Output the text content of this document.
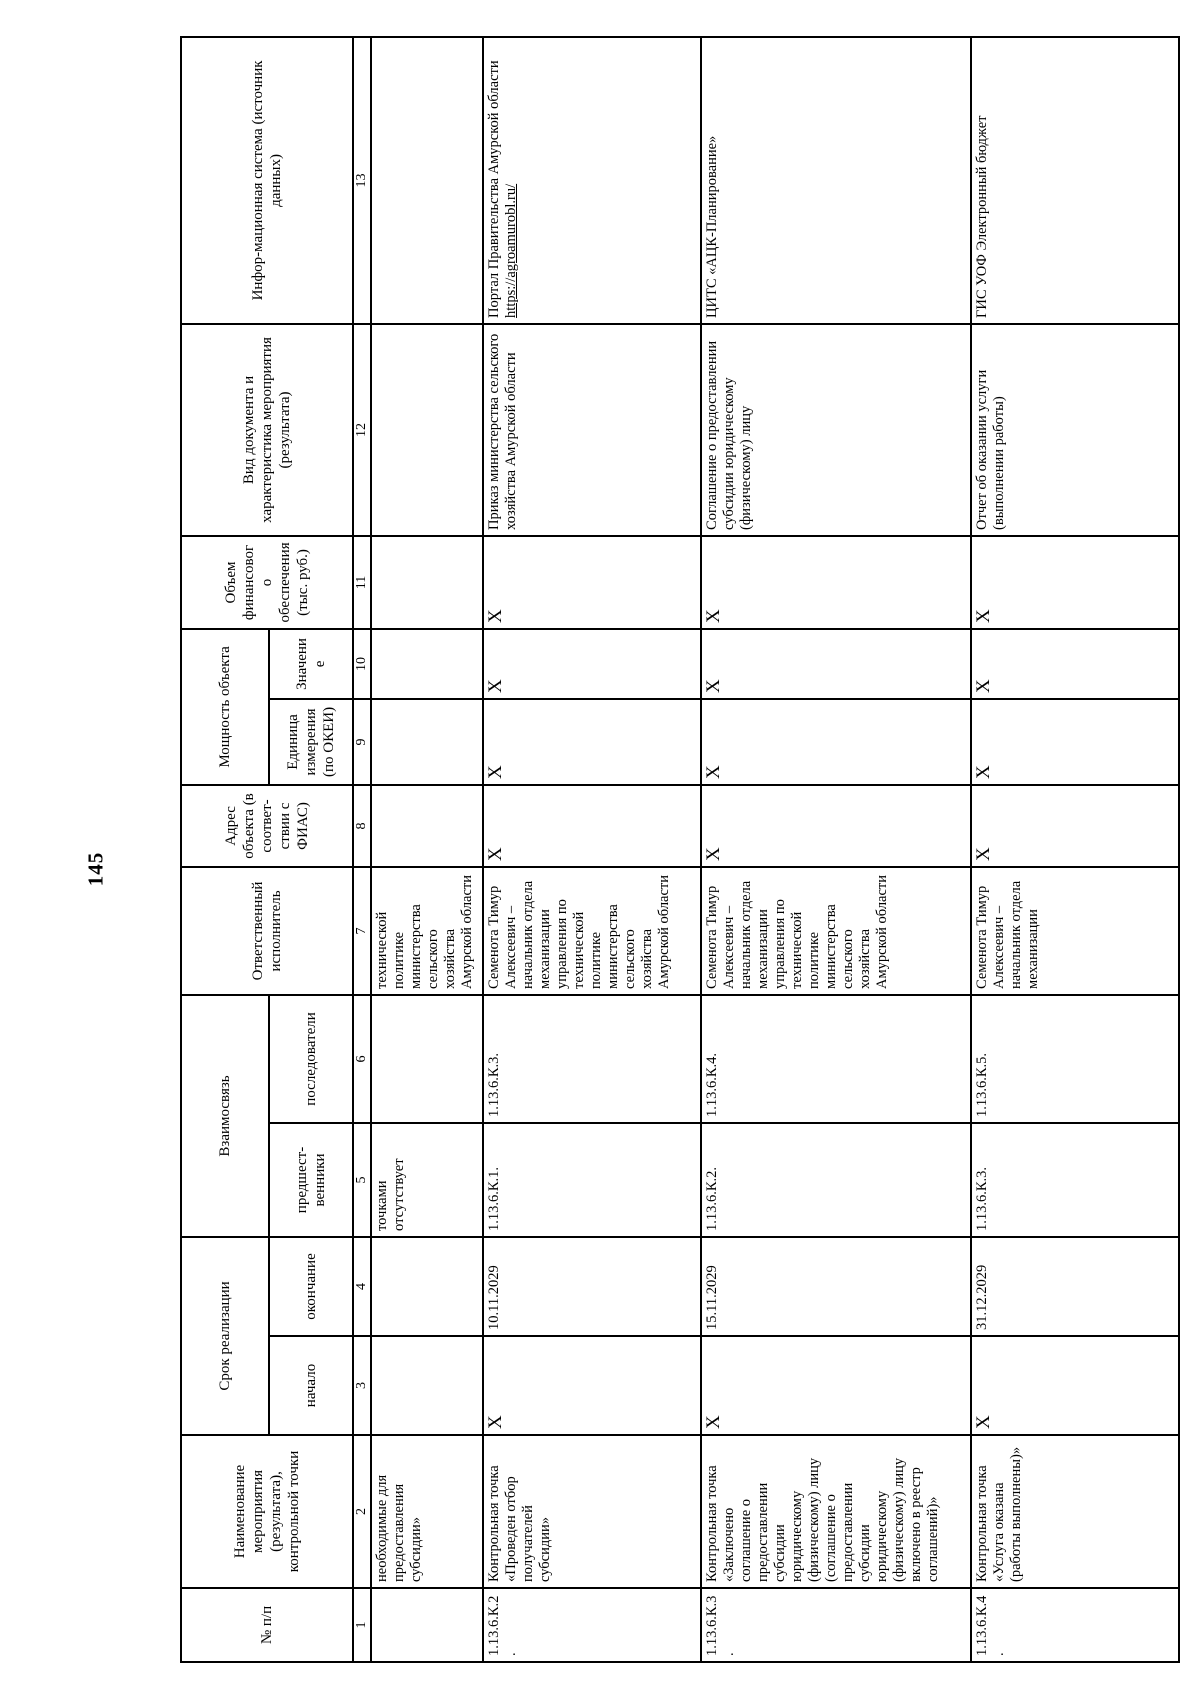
145
№ п/п	Наименование мероприятия (результата), контрольной точки	Срок реализации		Взаимосвязь		Ответственный исполнитель	Адрес объекта (в соответ-ствии с ФИАС)	Мощность объекта		Объем финансового обеспечения (тыс. руб.)	Вид документа и характеристика мероприятия (результата)	Инфор-мационная система (источник данных)
		начало	окончание	предшест-венники	последователи			Единица измерения (по ОКЕИ)	Значение			
1	2	3	4	5	6	7	8	9	10	11	12	13
	необходимые для предоставления субсидии»			точками отсутствует		технической политике министерства сельского хозяйства Амурской области						
1.13.6.К.2.	Контрольная точка «Проведен отбор получателей субсидии»	X	10.11.2029	1.13.6.К.1.	1.13.6.К.3.	Семенота Тимур Алексеевич – начальник отдела механизации управления по технической политике министерства сельского хозяйства Амурской области	X	X	X	X	Приказ министерства сельского хозяйства Амурской области	Портал Правительства Амурской области https://agroamurobl.ru/
1.13.6.К.3.	Контрольная точка «Заключено соглашение о предоставлении субсидии юридическому (физическому) лицу (соглашение о предоставлении субсидии юридическому (физическому) лицу включено в реестр соглашений)»	X	15.11.2029	1.13.6.К.2.	1.13.6.К.4.	Семенота Тимур Алексеевич – начальник отдела механизации управления по технической политике министерства сельского хозяйства Амурской области	X	X	X	X	Соглашение о предоставлении субсидии юридическому (физическому) лицу	ЦИТС «АЦК-Планирование»
1.13.6.К.4.	Контрольная точка «Услуга оказана (работы выполнены)»	X	31.12.2029	1.13.6.К.3.	1.13.6.К.5.	Семенота Тимур Алексеевич – начальник отдела механизации	X	X	X	X	Отчет об оказании услуги (выполнении работы)	ГИС УОФ Электронный бюджет
